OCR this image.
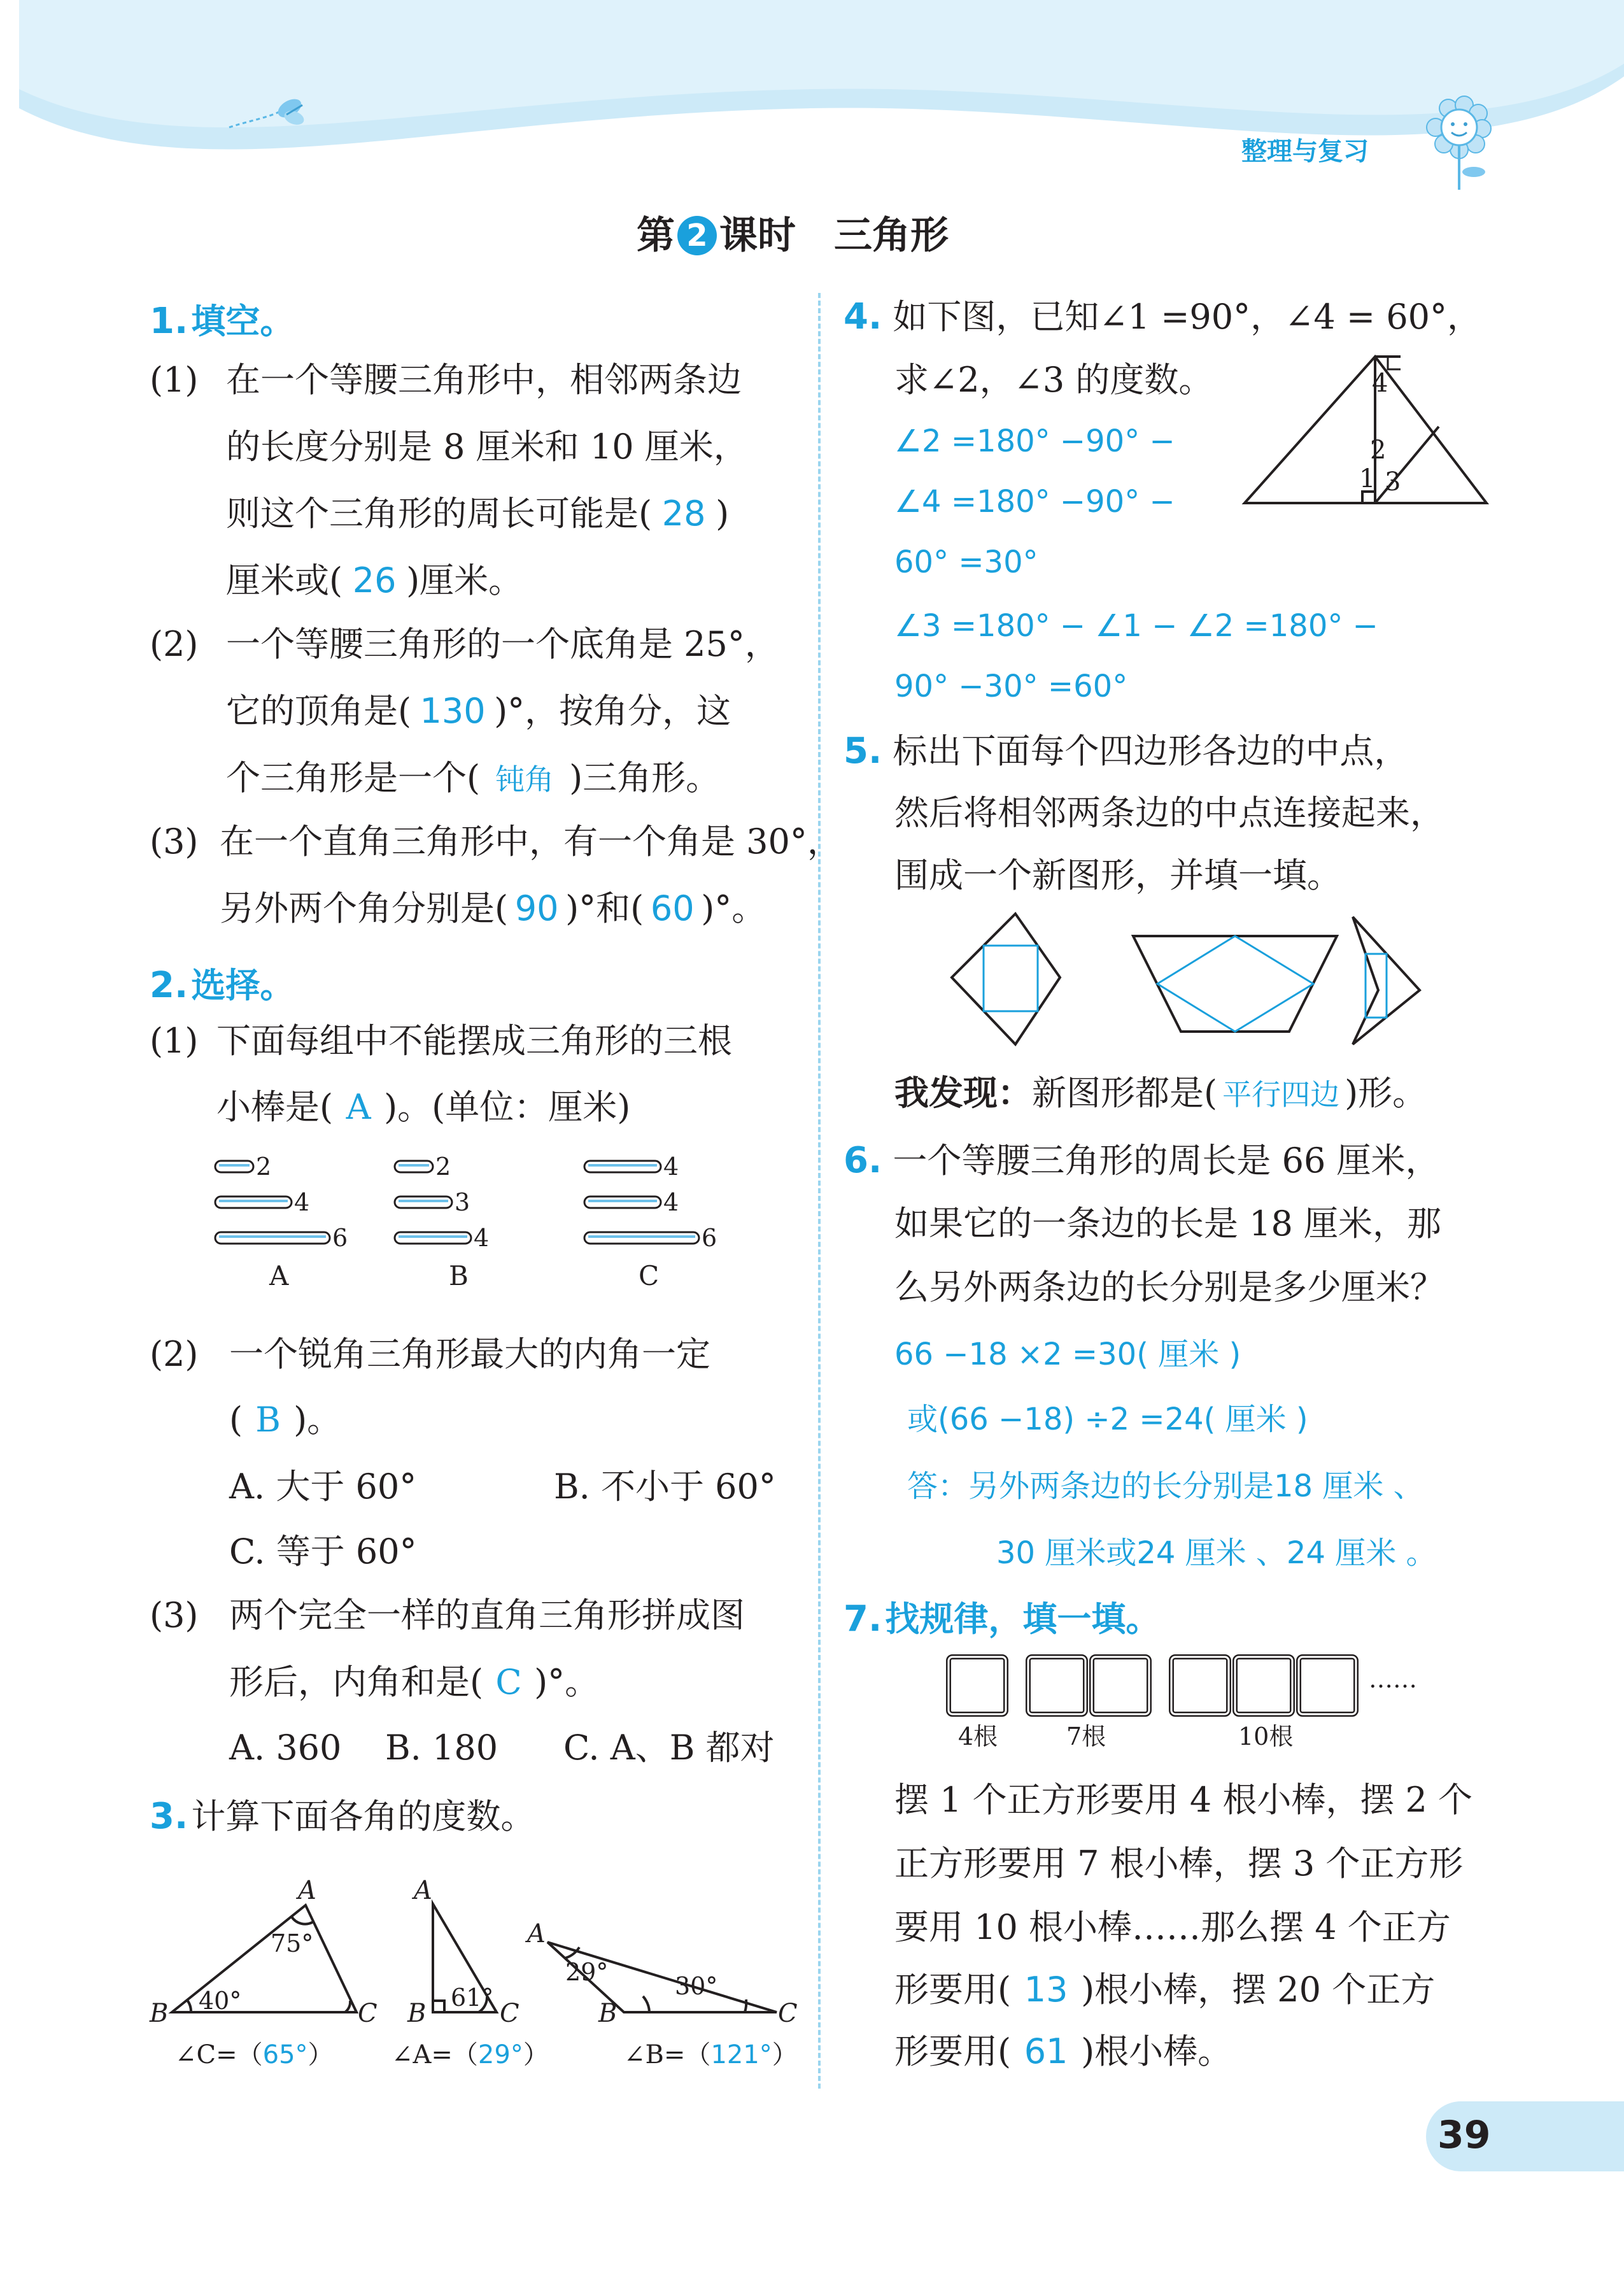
整理与复习
第 2 课时 三角形
1. 填空。
(1) 在一个等腰三角形中，相邻两条边
的长度分别是 8 厘米和 10 厘米，
则这个三角形的周长可能是( 28 )
厘米或( 26 )厘米。
(2) 一个等腰三角形的一个底角是 25°，
它的顶角是( 130 )°，按角分，这
个三角形是一个( 钝角 )三角形。
(3) 在一个直角三角形中，有一个角是 30°，
另外两个角分别是( 90 )°和( 60 )°。
2. 选择。
(1) 下面每组中不能摆成三角形的三根
小棒是( A )。(单位：厘米)
2
4
6
A
2
3
4
B
4
4
6
C
(2) 一个锐角三角形最大的内角一定
( B )。
A. 大于 60°	B. 不小于 60°
C. 等于 60°
(3) 两个完全一样的直角三角形拼成图
形后，内角和是( C )°。
A. 360 B. 180 C. A、B 都对
3. 计算下面各角的度数。
A
B	C
A
B	C
A
B	C
75°
40°	61°
29°	30°
∠C=（65°） ∠A=（29°）	∠B=（121°）
4. 如下图，已知∠1 =90°，∠4 = 60°，
求∠2，∠3 的度数。
1
2
3
4
∠2 =180° −90° −
∠4 =180° −90° −
60° =30°
∠3 =180° − ∠1 − ∠2 =180° −
90° −30° =60°
5. 标出下面每个四边形各边的中点，
然后将相邻两条边的中点连接起来，
围成一个新图形，并填一填。
我发现：新图形都是( 平行四边 )形。
6. 一个等腰三角形的周长是 66 厘米，
如果它的一条边的长是 18 厘米，那
么另外两条边的长分别是多少厘米？
66 −18 ×2 =30( 厘米 )
或(66 −18) ÷2 =24( 厘米 )
答：另外两条边的长分别是18 厘米 、
30 厘米或24 厘米 、24 厘米 。
7. 找规律，填一填。
4根	7根	10根
……
摆 1 个正方形要用 4 根小棒，摆 2 个
正方形要用 7 根小棒，摆 3 个正方形
要用 10 根小棒……那么摆 4 个正方
形要用( 13 )根小棒，摆 20 个正方
形要用( 61 )根小棒。
39
